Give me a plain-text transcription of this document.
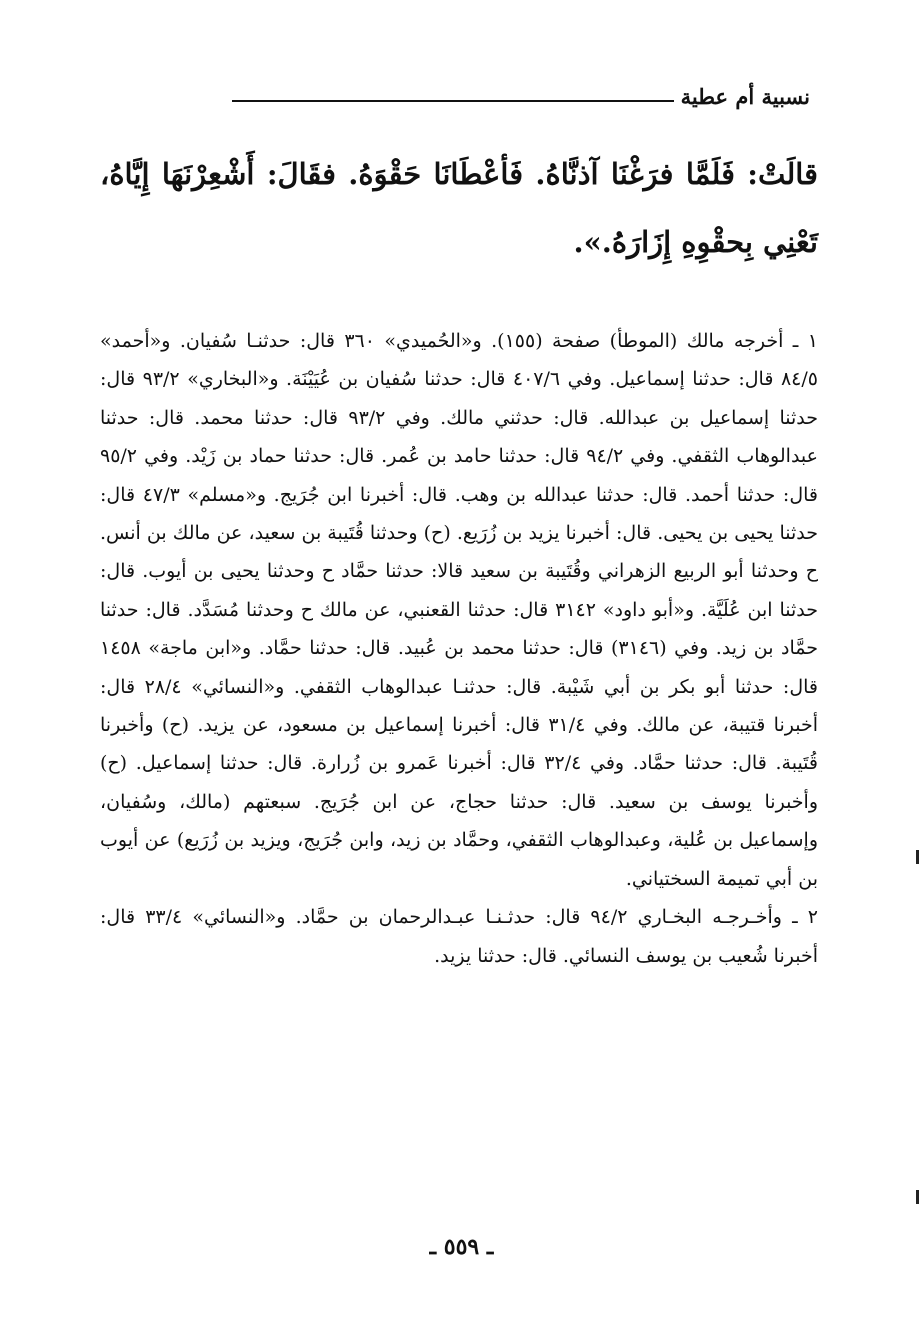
نسبية أم عطية

قالَتْ: فَلَمَّا فرَغْنَا آذنَّاهُ. فَأعْطَانَا حَقْوَهُ. فقَالَ: أَشْعِرْنَهَا إِيَّاهُ، تَعْنِي بِحقْوِهِ إِزَارَهُ.».

١ ـ أخرجه مالك (الموطأ) صفحة (١٥٥). و«الحُميدي» ٣٦٠ قال: حدثنـا سُفيان. و«أحمد» ٨٤/٥ قال: حدثنا إسماعيل. وفي ٤٠٧/٦ قال: حدثنا سُفيان بن عُيَيْنَة. و«البخاري» ٩٣/٢ قال: حدثنا إسماعيل بن عبدالله. قال: حدثني مالك. وفي ٩٣/٢ قال: حدثنا محمد. قال: حدثنا عبدالوهاب الثقفي. وفي ٩٤/٢ قال: حدثنا حامد بن عُمر. قال: حدثنا حماد بن زَيْد. وفي ٩٥/٢ قال: حدثنا أحمد. قال: حدثنا عبدالله بن وهب. قال: أخبرنا ابن جُرَيج. و«مسلم» ٤٧/٣ قال: حدثنا يحيى بن يحيى. قال: أخبرنا يزيد بن زُرَيع. (ح) وحدثنا قُتَيبة بن سعيد، عن مالك بن أنس. ح وحدثنا أبو الربيع الزهراني وقُتَيبة بن سعيد قالا: حدثنا حمَّاد ح وحدثنا يحيى بن أيوب. قال: حدثنا ابن عُلَيَّة. و«أبو داود» ٣١٤٢ قال: حدثنا القعنبي، عن مالك ح وحدثنا مُسَدَّد. قال: حدثنا حمَّاد بن زيد. وفي (٣١٤٦) قال: حدثنا محمد بن عُبيد. قال: حدثنا حمَّاد. و«ابن ماجة» ١٤٥٨ قال: حدثنا أبو بكر بن أبي شَيْبة. قال: حدثنـا عبدالوهاب الثقفي. و«النسائي» ٢٨/٤ قال: أخبرنا قتيبة، عن مالك. وفي ٣١/٤ قال: أخبرنا إسماعيل بن مسعود، عن يزيد. (ح) وأخبرنا قُتَيبة. قال: حدثنا حمَّاد. وفي ٣٢/٤ قال: أخبرنا عَمرو بن زُرارة. قال: حدثنا إسماعيل. (ح) وأخبرنا يوسف بن سعيد. قال: حدثنا حجاج، عن ابن جُرَيج. سبعتهم (مالك، وسُفيان، وإسماعيل بن عُلية، وعبدالوهاب الثقفي، وحمَّاد بن زيد، وابن جُرَيج، ويزيد بن زُرَيع) عن أيوب بن أبي تميمة السختياني.

٢ ـ وأخـرجـه البخـاري ٩٤/٢ قال: حدثـنـا عبـدالرحمان بن حمَّاد. و«النسائي» ٣٣/٤ قال: أخبرنا شُعيب بن يوسف النسائي. قال: حدثنا يزيد.

ـ ٥٥٩ ـ
